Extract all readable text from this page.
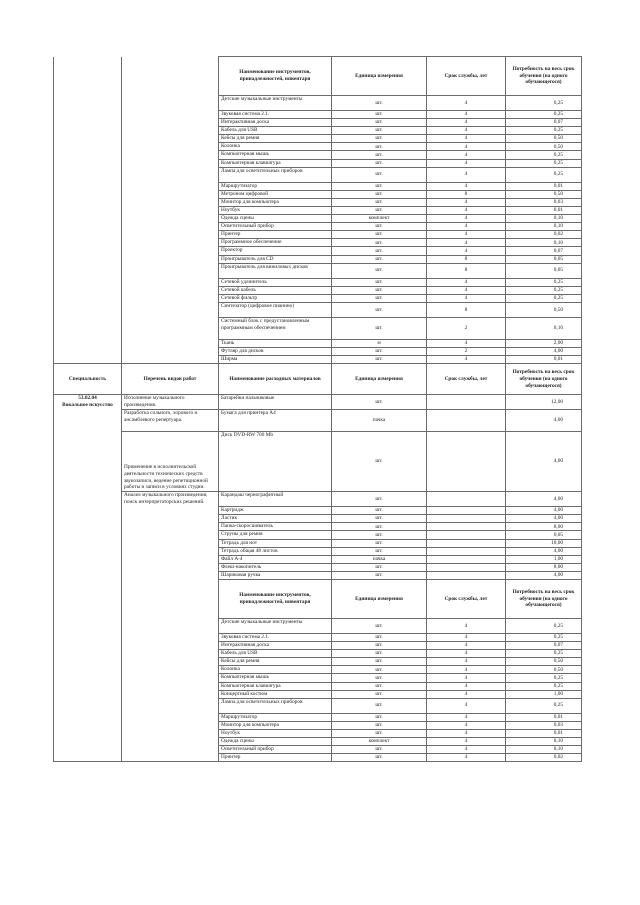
		Наименование инструментов, принадлежностей, инвентаря	Единица измерения	Срок службы, лет	Потребность на весь срок обучения (на одного обучающегося)
		Детские музыкальные инструменты	шт.	4	0,25
		Звуковая система 2.1.	шт.	4	0,25
		Интерактивная доска	шт.	4	0,07
		Кабель для USB	шт.	4	0,25
		Кейсы для ремня	шт.	4	0,50
		Колонка	шт.	4	0,50
		Компьютерная мышь	шт.	4	0,25
		Компьютерная клавиатура	шт.	4	0,25
		Лампа для осветительных приборов	шт.	4	0,25
		Маршрутизатор	шт.	4	0,01
		Метроном цифровой	шт.	8	0,50
		Монитор для компьютера	шт.	4	0,03
		Ноутбук	шт.	4	0,01
		Одежда сцены	комплект	4	0,10
		Осветительный прибор	шт.	4	0,10
		Принтер	шт.	4	0,02
		Программное обеспечение	шт.	4	0,10
		Проектор	шт.	4	0,07
		Проигрыватель для CD	шт.	8	0,05
		Проигрыватель для виниловых дисков	шт.	8	0,05
		Сетевой удлинитель	шт.	4	0,25
		Сетевой кабель	шт.	4	0,25
		Сетевой фильтр	шт.	4	0,25
		Синтезатор (цифровое пианино)	шт.	8	0,50
		Системный блок с предустановленным программным обеспечением	шт.	2	0,10
		Ткань	м	4	2,00
		Футляр для дисков	шт.	2	4,00
		Ширма	шт.	4	0,01
Специальность	Перечень видов работ	Наименование расходных материалов	Единица измерения	Срок службы, лет	Потребность на весь срок обучения (на одного обучающегося)

53.02.04
Вокальное искусство	Исполнение музыкального произведения.	Батарейки пальчиковые	шт.		12,00
	Разработка сольного, хорового и ансамблевого репертуара.	Бумага для принтера А4	пачка		4,00
	Применение в исполнительской деятельности технических средств звукозаписи, ведение репетиционной работы и записи в условиях студии.	Диск DVD-RW 700 Mb	шт.		4,00
	Анализ музыкального произведения, поиск интерпретаторских решений.	Карандаш чернографитный	шт.		4,00
		Картридж	шт.		4,00
		Ластик	шт.		4,00
		Папка-скоросшиватель	шт.		8,00
		Струны для ремня	шт.		0,05
		Тетрадь для нот	шт.		10,00
		Тетрадь общая 48 листов	шт.		4,00
		Файл А-4	пачка		1,00
		Флеш-накопитель	шт.		8,00
		Шариковая ручка	шт.		4,00
		Наименование инструментов, принадлежностей, инвентаря	Единица измерения	Срок службы, лет	Потребность на весь срок обучения (на одного обучающегося)
		Детские музыкальные инструменты	шт.	4	0,25
		Звуковая система 2.1.	шт.	4	0,25
		Интерактивная доска	шт.	4	0,07
		Кабель для USB	шт.	4	0,25
		Кейсы для ремня	шт.	4	0,50
		Колонка	шт.	4	0,50
		Компьютерная мышь	шт.	4	0,25
		Компьютерная клавиатура	шт.	4	0,25
		Концертный костюм	шт.	4	1,00
		Лампа для осветительных приборов	шт.	4	0,25
		Маршрутизатор	шт.	4	0,01
		Монитор для компьютера	шт.	4	0,03
		Ноутбук	шт.	4	0,01
		Одежда сцены	комплект	4	0,10
		Осветительный прибор	шт.	4	0,10
		Принтер	шт.	4	0,02
